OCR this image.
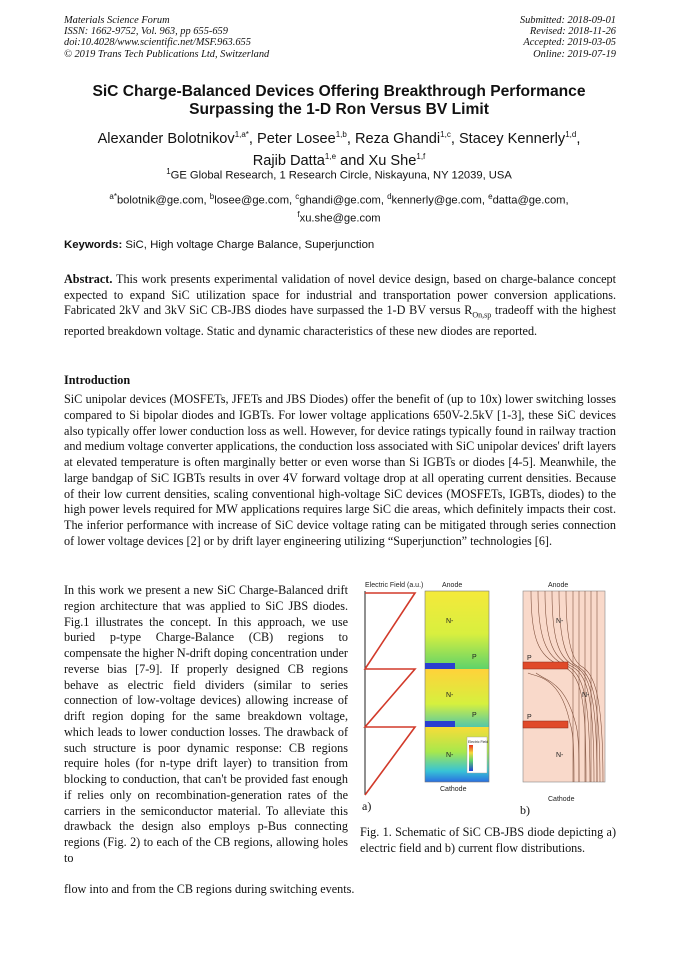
Materials Science Forum
ISSN: 1662-9752, Vol. 963, pp 655-659
doi:10.4028/www.scientific.net/MSF.963.655
© 2019 Trans Tech Publications Ltd, Switzerland
Submitted: 2018-09-01
Revised: 2018-11-26
Accepted: 2019-03-05
Online: 2019-07-19
SiC Charge-Balanced Devices Offering Breakthrough Performance
Surpassing the 1-D Ron Versus BV Limit
Alexander Bolotnikov$^{1,a*}$, Peter Losee$^{1,b}$, Reza Ghandi$^{1,c}$, Stacey Kennerly$^{1,d}$,
Rajib Datta$^{1,e}$ and Xu She$^{1,f}$
$^1$GE Global Research, 1 Research Circle, Niskayuna, NY 12039, USA
$^{a*}$bolotnik@ge.com, $^b$losee@ge.com, $^c$ghandi@ge.com, $^d$kennerly@ge.com, $^e$datta@ge.com,
$^f$xu.she@ge.com
Keywords: SiC, High voltage Charge Balance, Superjunction
Abstract. This work presents experimental validation of novel device design, based on charge-balance concept expected to expand SiC utilization space for industrial and transportation power conversion applications. Fabricated 2kV and 3kV SiC CB-JBS diodes have surpassed the 1-D BV versus $R_{On,sp}$ tradeoff with the highest reported breakdown voltage. Static and dynamic characteristics of these new diodes are reported.
Introduction
SiC unipolar devices (MOSFETs, JFETs and JBS Diodes) offer the benefit of (up to 10x) lower switching losses compared to Si bipolar diodes and IGBTs. For lower voltage applications 650V-2.5kV [1-3], these SiC devices also typically offer lower conduction loss as well. However, for device ratings typically found in railway traction and medium voltage converter applications, the conduction loss associated with SiC unipolar devices' drift layers at elevated temperature is often marginally better or even worse than Si IGBTs or diodes [4-5]. Meanwhile, the large bandgap of SiC IGBTs results in over 4V forward voltage drop at all operating current densities. Because of their low current densities, scaling conventional high-voltage SiC devices (MOSFETs, IGBTs, diodes) to the high power levels required for MW applications requires large SiC die areas, which definitely impacts their cost. The inferior performance with increase of SiC device voltage rating can be mitigated through series connection of lower voltage devices [2] or by drift layer engineering utilizing “Superjunction” technologies [6].
In this work we present a new SiC Charge-Balanced drift region architecture that was applied to SiC JBS diodes. Fig.1 illustrates the concept. In this approach, we use buried p-type Charge-Balance (CB) regions to compensate the higher N-drift doping concentration under reverse bias [7-9]. If properly designed CB regions behave as electric field dividers (similar to series connection of low-voltage devices) allowing increase of drift region doping for the same breakdown voltage, which leads to lower conduction losses. The drawback of such structure is poor dynamic response: CB regions require holes (for n-type drift layer) to transition from blocking to conduction, that can't be provided fast enough if relies only on recombination-generation rates of the carriers in the semiconductor material. To alleviate this drawback the design also employs p-Bus connecting regions (Fig. 2) to each of the CB regions, allowing holes to
flow into and from the CB regions during switching events.
Electric Field (a.u.)	Anode
N-
N-
N-
P
P
Electric Field
Cathode
Anode
N-
N-
N-
P
P
Cathode
a)	b)
Fig. 1. Schematic of SiC CB-JBS diode depicting a) electric field and b) current flow distributions.
